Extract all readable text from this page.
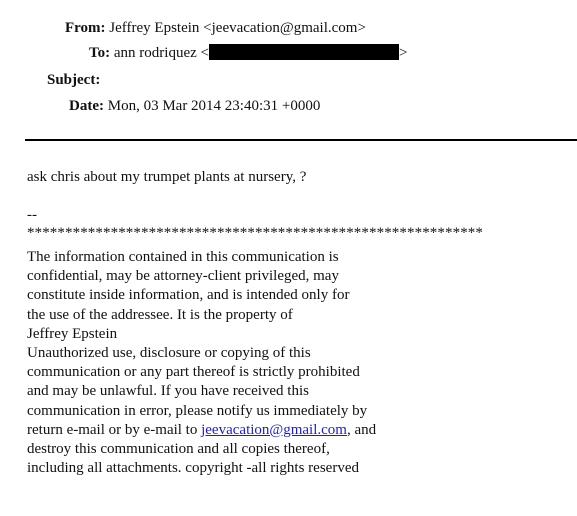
From: Jeffrey Epstein <jeevacation@gmail.com>
To: ann rodriquez <	>
Subject:
Date: Mon, 03 Mar 2014 23:40:31 +0000
ask chris about my trumpet plants at nursery, ?
--
************************************************************
The information contained in this communication is
confidential, may be attorney-client privileged, may
constitute inside information, and is intended only for
the use of the addressee. It is the property of
Jeffrey Epstein
Unauthorized use, disclosure or copying of this
communication or any part thereof is strictly prohibited
and may be unlawful. If you have received this
communication in error, please notify us immediately by
return e-mail or by e-mail to jeevacation@gmail.com, and
destroy this communication and all copies thereof,
including all attachments. copyright -all rights reserved
